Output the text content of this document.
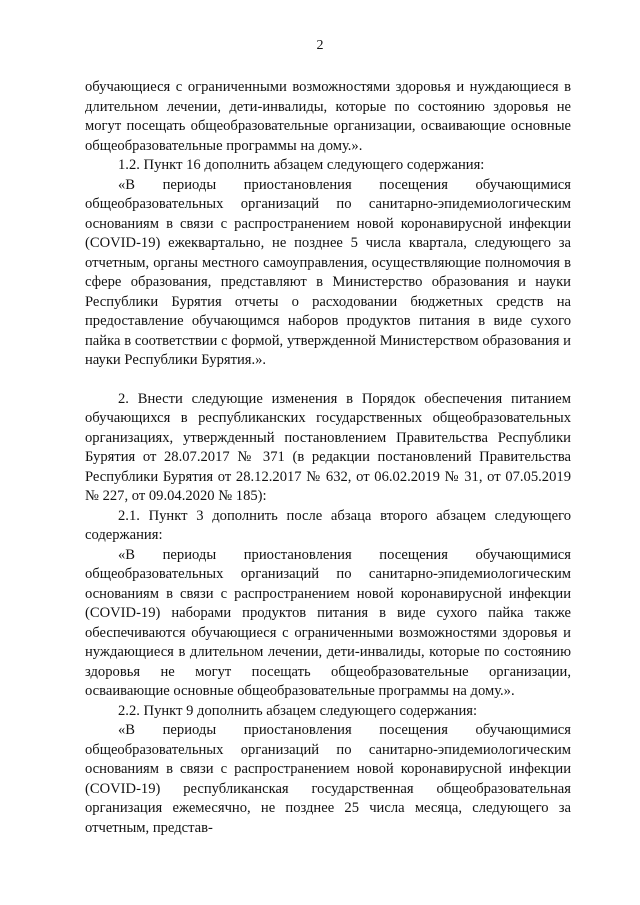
2

обучающиеся с ограниченными возможностями здоровья и нуждающиеся в длительном лечении, дети-инвалиды, которые по состоянию здоровья не могут посещать общеобразовательные организации, осваивающие основные общеобразовательные программы на дому.».

1.2. Пункт 16 дополнить абзацем следующего содержания:

«В периоды приостановления посещения обучающимися общеобразовательных организаций по санитарно-эпидемиологическим основаниям в связи с распространением новой коронавирусной инфекции (COVID-19) ежеквартально, не позднее 5 числа квартала, следующего за отчетным, органы местного самоуправления, осуществляющие полномочия в сфере образования, представляют в Министерство образования и науки Республики Бурятия отчеты о расходовании бюджетных средств на предоставление обучающимся наборов продуктов питания в виде сухого пайка в соответствии с формой, утвержденной Министерством образования и науки Республики Бурятия.».

2. Внести следующие изменения в Порядок обеспечения питанием обучающихся в республиканских государственных общеобразовательных организациях, утвержденный постановлением Правительства Республики Бурятия от 28.07.2017 № 371 (в редакции постановлений Правительства Республики Бурятия от 28.12.2017 № 632, от 06.02.2019 № 31, от 07.05.2019 № 227, от 09.04.2020 № 185):

2.1. Пункт 3 дополнить после абзаца второго абзацем следующего содержания:

«В периоды приостановления посещения обучающимися общеобразовательных организаций по санитарно-эпидемиологическим основаниям в связи с распространением новой коронавирусной инфекции (COVID-19) наборами продуктов питания в виде сухого пайка также обеспечиваются обучающиеся с ограниченными возможностями здоровья и нуждающиеся в длительном лечении, дети-инвалиды, которые по состоянию здоровья не могут посещать общеобразовательные организации, осваивающие основные общеобразовательные программы на дому.».

2.2. Пункт 9 дополнить абзацем следующего содержания:

«В периоды приостановления посещения обучающимися общеобразовательных организаций по санитарно-эпидемиологическим основаниям в связи с распространением новой коронавирусной инфекции (COVID-19) республиканская государственная общеобразовательная организация ежемесячно, не позднее 25 числа месяца, следующего за отчетным, представ-
